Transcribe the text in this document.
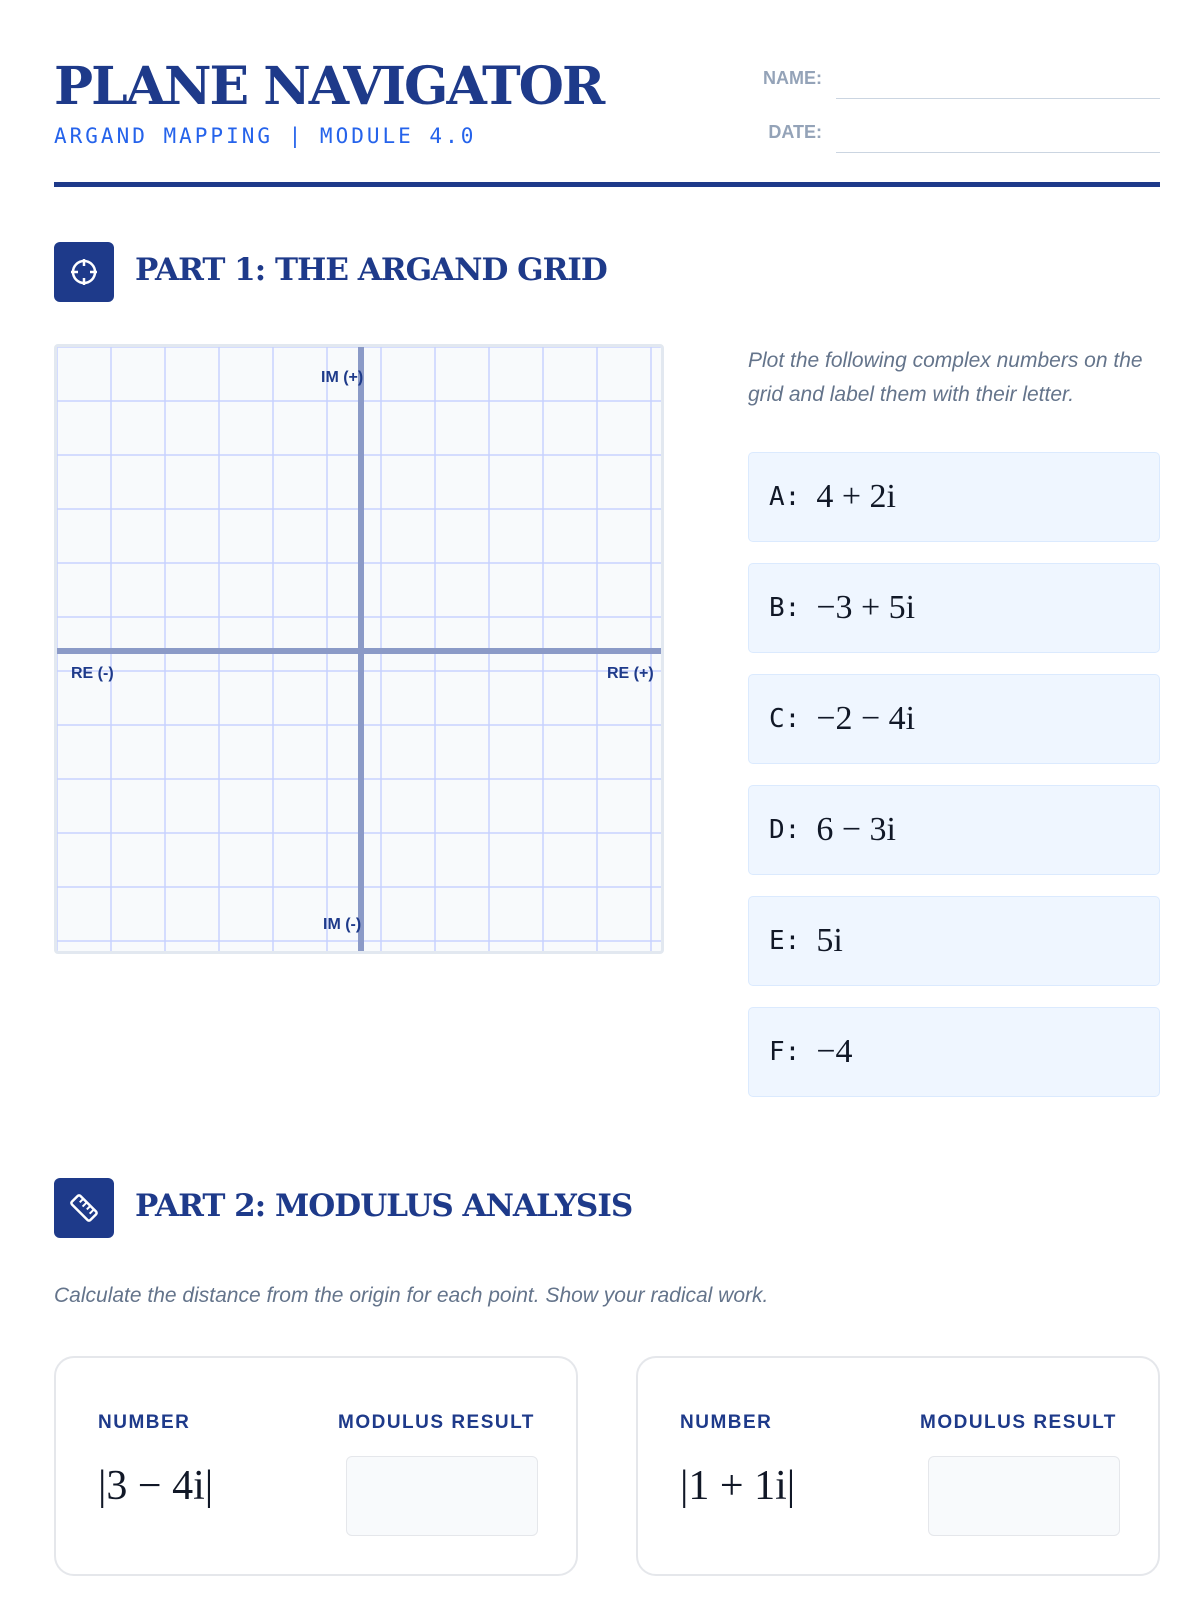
PLANE NAVIGATOR
ARGAND MAPPING | MODULE 4.0
NAME:
DATE:
PART 1: THE ARGAND GRID
IM (+)
IM (-)
RE (-)	RE (+)
Plot the following complex numbers on the grid and label them with their letter.
A: 4 + 2i
B: −3 + 5i
C: −2 − 4i
D: 6 − 3i
E: 5i
F: −4
PART 2: MODULUS ANALYSIS
Calculate the distance from the origin for each point. Show your radical work.
NUMBER	MODULUS RESULT
|3 − 4i|
NUMBER	MODULUS RESULT
|1 + 1i|
